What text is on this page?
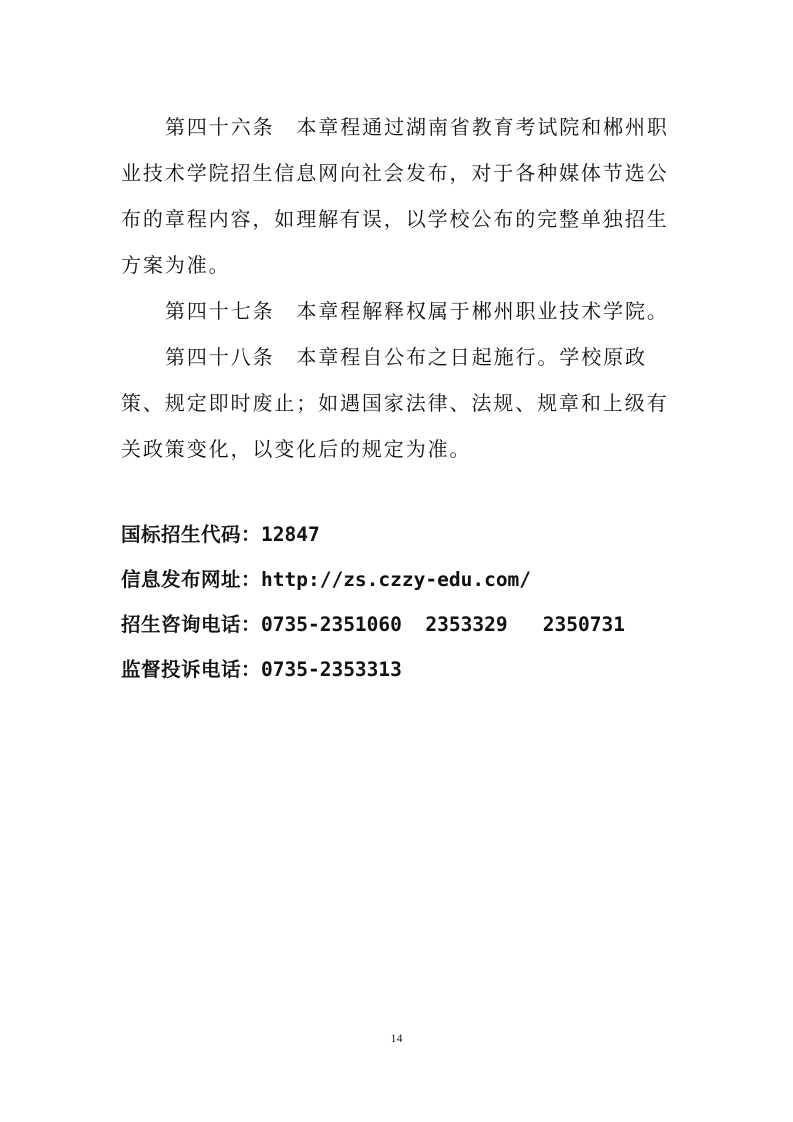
第四十六条 本章程通过湖南省教育考试院和郴州职业技术学院招生信息网向社会发布，对于各种媒体节选公布的章程内容，如理解有误，以学校公布的完整单独招生方案为准。

第四十七条 本章程解释权属于郴州职业技术学院。

第四十八条 本章程自公布之日起施行。学校原政策、规定即时废止；如遇国家法律、法规、规章和上级有关政策变化，以变化后的规定为准。

国标招生代码：12847
信息发布网址：http://zs.czzy-edu.com/
招生咨询电话：0735-2351060  2353329   2350731
监督投诉电话：0735-2353313

14
